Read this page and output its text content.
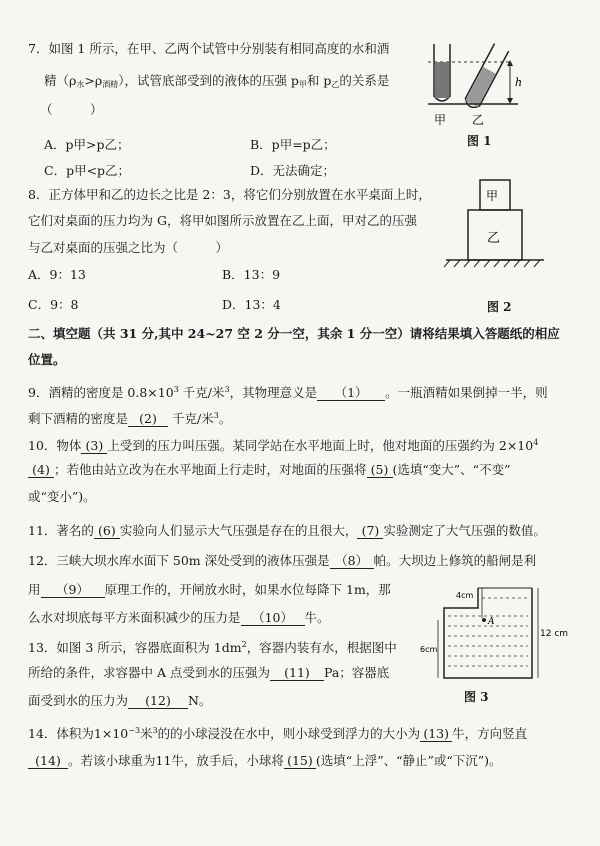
7．如图 1 所示，在甲、乙两个试管中分别装有相同高度的水和酒
精$(\rho_水>\rho_{酒精})$，试管底部受到的液体的压强 $p_甲$和 $p_乙$的关系是
（　　　）
A．p甲>p乙；	B．p甲=p乙；
C．p甲<p乙；	D．无法确定；
h
甲 乙
图 1
8．正方体甲和乙的边长之比是 2：3，将它们分别放置在水平桌面上时，
它们对桌面的压力均为 G，将甲如图所示放置在乙上面，甲对乙的压强
与乙对桌面的压强之比为（　　　）
A．9：13	B．13：9
C．9：8	D．13：4
甲
乙
图 2
二、填空题（共 31 分,其中 24~27 空 2 分一空，其余 1 分一空）请将结果填入答题纸的相应
位置。
9．酒精的密度是 $0.8\times 10^3$ 千克/米$^3$，其物理意义是 （1） 。一瓶酒精如果倒掉一半，则
剩下酒精的密度是 (2) 千克/米$^3$。
10．物体 (3) 上受到的压力叫压强。某同学站在水平地面上时，他对地面的压强约为 $2\times 10^4$
(4) ；若他由站立改为在水平地面上行走时，对地面的压强将 (5) (选填“变大”、“不变”
或“变小”)。
11．著名的 (6) 实验向人们显示大气压强是存在的且很大， (7) 实验测定了大气压强的数值。
12．三峡大坝水库水面下 50m 深处受到的液体压强是 （8） 帕。大坝边上修筑的船闸是利
用 （9） 原理工作的，开闸放水时，如果水位每降下 1m，那
么水对坝底每平方米面积减少的压力是 （10） 牛。
13．如图 3 所示，容器底面积为 $1dm^2$，容器内装有水，根据图中
所给的条件，求容器中 A 点受到水的压强为 (11) Pa；容器底
面受到水的压力为 (12) N。
A
4cm
12 cm
6cm
图 3
14．体积为$1\times 10^{-3}$米$^3$的的小球浸没在水中，则小球受到浮力的大小为 (13) 牛，方向竖直
(14) 。若该小球重为11牛，放手后，小球将 (15) (选填“上浮”、“静止”或“下沉”)。
